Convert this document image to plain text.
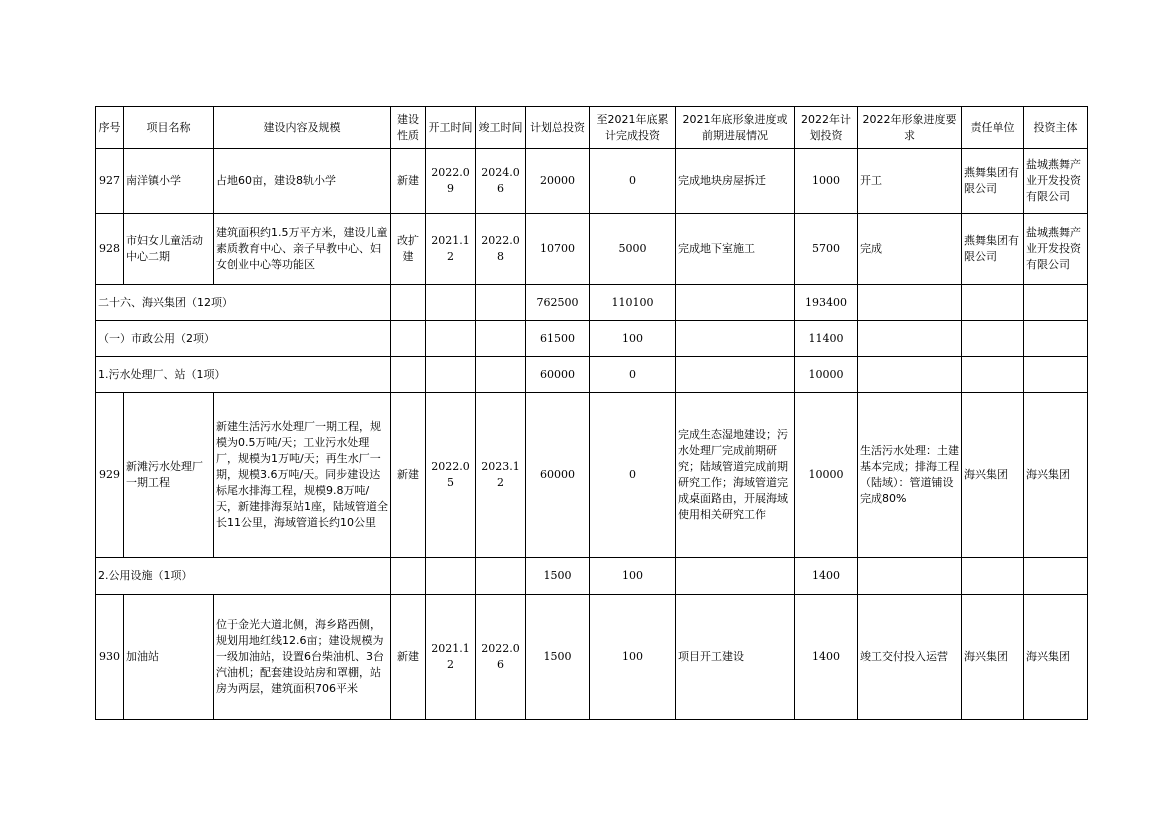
序号	项目名称	建设内容及规模	建设性质	开工时间	竣工时间	计划总投资	至2021年底累计完成投资	2021年底形象进度或前期进展情况	2022年计划投资	2022年形象进度要求	责任单位	投资主体
927	南洋镇小学	占地60亩，建设8轨小学	新建	2022.09	2024.06	20000	0	完成地块房屋拆迁	1000	开工	燕舞集团有限公司	盐城燕舞产业开发投资有限公司
928	市妇女儿童活动中心二期	建筑面积约1.5万平方米，建设儿童素质教育中心、亲子早教中心、妇女创业中心等功能区	改扩建	2021.12	2022.08	10700	5000	完成地下室施工	5700	完成	燕舞集团有限公司	盐城燕舞产业开发投资有限公司
二十六、海兴集团（12项）						762500	110100		193400			
（一）市政公用（2项）						61500	100		11400			
1.污水处理厂、站（1项）						60000	0		10000			
929	新滩污水处理厂一期工程	新建生活污水处理厂一期工程，规模为0.5万吨/天；工业污水处理厂，规模为1万吨/天；再生水厂一期，规模3.6万吨/天。同步建设达标尾水排海工程，规模9.8万吨/天，新建排海泵站1座，陆域管道全长11公里，海域管道长约10公里	新建	2022.05	2023.12	60000	0	完成生态湿地建设；污水处理厂完成前期研究；陆域管道完成前期研究工作；海域管道完成桌面路由，开展海域使用相关研究工作	10000	生活污水处理：土建基本完成；排海工程（陆域）：管道铺设完成80%	海兴集团	海兴集团
2.公用设施（1项）						1500	100		1400			
930	加油站	位于金光大道北侧，海乡路西侧，规划用地红线12.6亩；建设规模为一级加油站，设置6台柴油机、3台汽油机；配套建设站房和罩棚，站房为两层，建筑面积706平米	新建	2021.12	2022.06	1500	100	项目开工建设	1400	竣工交付投入运营	海兴集团	海兴集团
